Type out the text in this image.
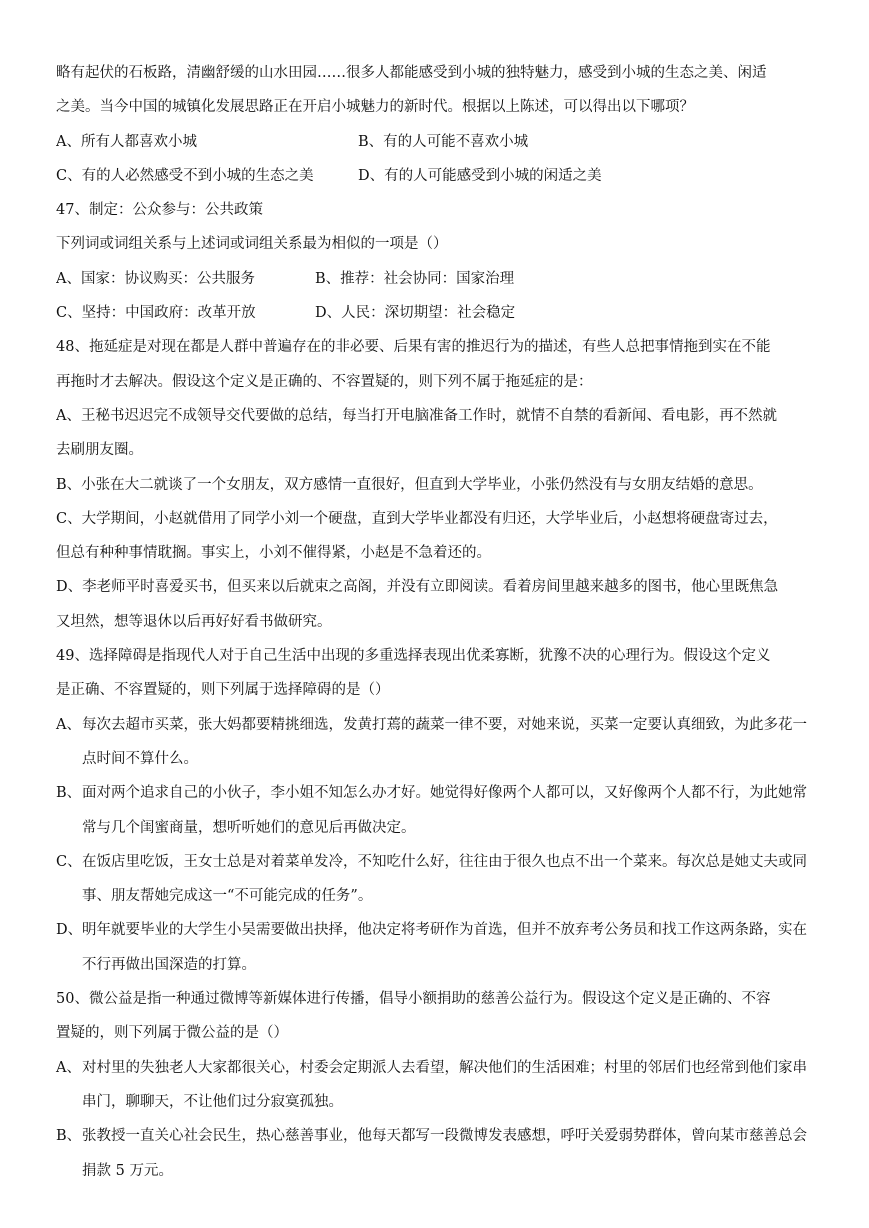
略有起伏的石板路，清幽舒缓的山水田园……很多人都能感受到小城的独特魅力，感受到小城的生态之美、闲适
之美。当今中国的城镇化发展思路正在开启小城魅力的新时代。根据以上陈述，可以得出以下哪项？
A、所有人都喜欢小城	B、有的人可能不喜欢小城
C、有的人必然感受不到小城的生态之美	D、有的人可能感受到小城的闲适之美
47、制定：公众参与：公共政策
下列词或词组关系与上述词或词组关系最为相似的一项是（）
A、国家：协议购买：公共服务	B、推荐：社会协同：国家治理
C、坚持：中国政府：改革开放	D、人民：深切期望：社会稳定
48、拖延症是对现在都是人群中普遍存在的非必要、后果有害的推迟行为的描述，有些人总把事情拖到实在不能
再拖时才去解决。假设这个定义是正确的、不容置疑的，则下列不属于拖延症的是：
A、王秘书迟迟完不成领导交代要做的总结，每当打开电脑准备工作时，就情不自禁的看新闻、看电影，再不然就
去刷朋友圈。
B、小张在大二就谈了一个女朋友，双方感情一直很好，但直到大学毕业，小张仍然没有与女朋友结婚的意思。
C、大学期间，小赵就借用了同学小刘一个硬盘，直到大学毕业都没有归还，大学毕业后，小赵想将硬盘寄过去，
但总有种种事情耽搁。事实上，小刘不催得紧，小赵是不急着还的。
D、李老师平时喜爱买书，但买来以后就束之高阁，并没有立即阅读。看着房间里越来越多的图书，他心里既焦急
又坦然，想等退休以后再好好看书做研究。
49、选择障碍是指现代人对于自己生活中出现的多重选择表现出优柔寡断，犹豫不决的心理行为。假设这个定义
是正确、不容置疑的，则下列属于选择障碍的是（）
A、 每次去超市买菜，张大妈都要精挑细选，发黄打蔫的蔬菜一律不要，对她来说，买菜一定要认真细致，为此多花一点时间不算什么。
B、 面对两个追求自己的小伙子，李小姐不知怎么办才好。她觉得好像两个人都可以，又好像两个人都不行，为此她常常与几个闺蜜商量，想听听她们的意见后再做决定。
C、 在饭店里吃饭，王女士总是对着菜单发冷，不知吃什么好，往往由于很久也点不出一个菜来。每次总是她丈夫或同事、朋友帮她完成这一“不可能完成的任务”。
D、 明年就要毕业的大学生小吴需要做出抉择，他决定将考研作为首选，但并不放弃考公务员和找工作这两条路，实在不行再做出国深造的打算。
50、微公益是指一种通过微博等新媒体进行传播，倡导小额捐助的慈善公益行为。假设这个定义是正确的、不容
置疑的，则下列属于微公益的是（）
A、 对村里的失独老人大家都很关心，村委会定期派人去看望，解决他们的生活困难；村里的邻居们也经常到他们家串串门，聊聊天，不让他们过分寂寞孤独。
B、 张教授一直关心社会民生，热心慈善事业，他每天都写一段微博发表感想，呼吁关爱弱势群体，曾向某市慈善总会捐款 5 万元。
